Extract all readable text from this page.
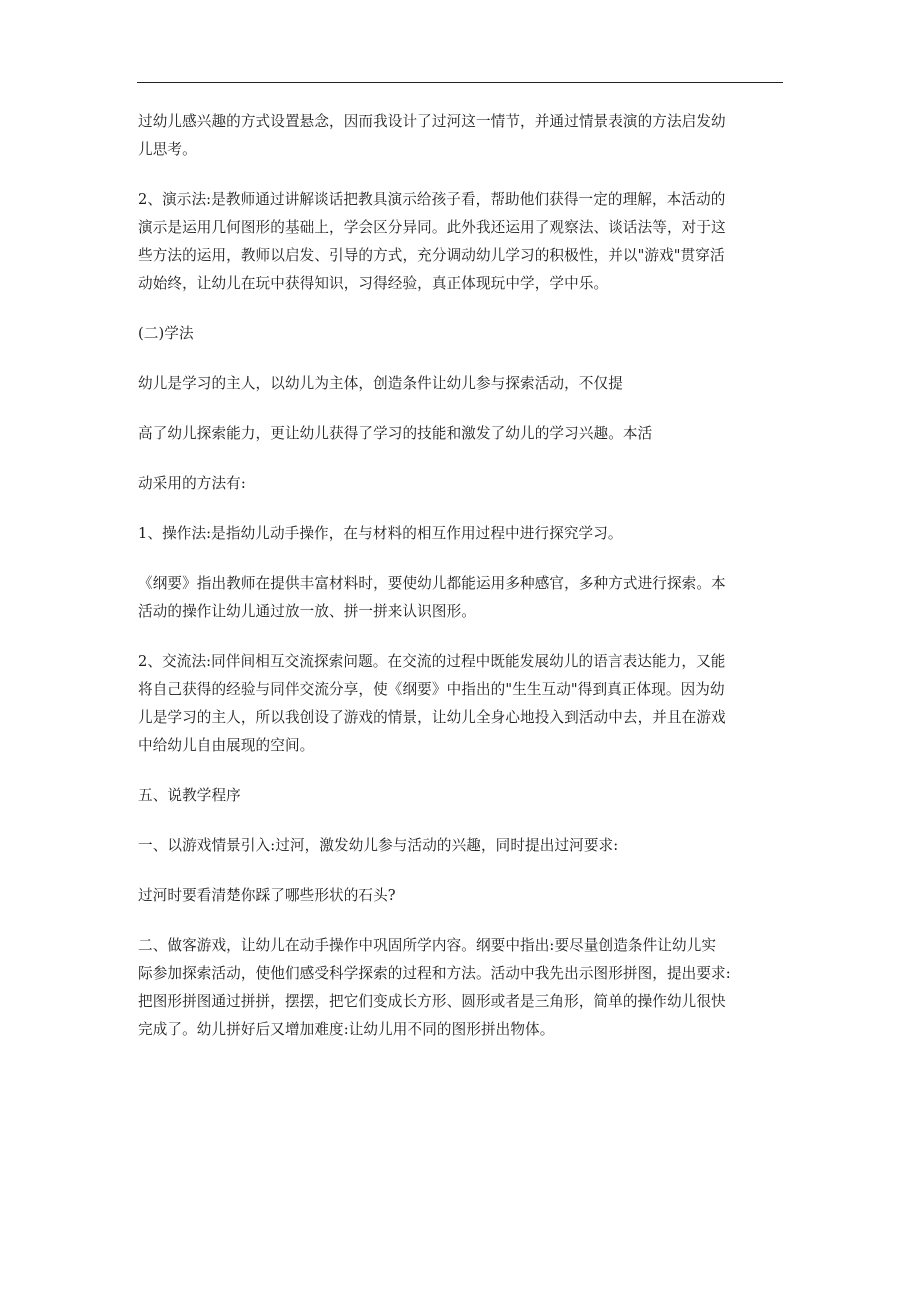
过幼儿感兴趣的方式设置悬念，因而我设计了过河这一情节，并通过情景表演的方法启发幼
儿思考。

2、演示法:是教师通过讲解谈话把教具演示给孩子看，帮助他们获得一定的理解，本活动的
演示是运用几何图形的基础上，学会区分异同。此外我还运用了观察法、谈话法等，对于这
些方法的运用，教师以启发、引导的方式，充分调动幼儿学习的积极性，并以"游戏"贯穿活
动始终，让幼儿在玩中获得知识，习得经验，真正体现玩中学，学中乐。

(二)学法

幼儿是学习的主人，以幼儿为主体，创造条件让幼儿参与探索活动，不仅提

高了幼儿探索能力，更让幼儿获得了学习的技能和激发了幼儿的学习兴趣。本活

动采用的方法有:

1、操作法:是指幼儿动手操作，在与材料的相互作用过程中进行探究学习。

《纲要》指出教师在提供丰富材料时，要使幼儿都能运用多种感官，多种方式进行探索。本
活动的操作让幼儿通过放一放、拼一拼来认识图形。

2、交流法:同伴间相互交流探索问题。在交流的过程中既能发展幼儿的语言表达能力，又能
将自己获得的经验与同伴交流分享，使《纲要》中指出的"生生互动"得到真正体现。因为幼
儿是学习的主人，所以我创设了游戏的情景，让幼儿全身心地投入到活动中去，并且在游戏
中给幼儿自由展现的空间。

五、说教学程序

一、以游戏情景引入:过河，激发幼儿参与活动的兴趣，同时提出过河要求:

过河时要看清楚你踩了哪些形状的石头?

二、做客游戏，让幼儿在动手操作中巩固所学内容。纲要中指出:要尽量创造条件让幼儿实
际参加探索活动，使他们感受科学探索的过程和方法。活动中我先出示图形拼图，提出要求:
把图形拼图通过拼拼，摆摆，把它们变成长方形、圆形或者是三角形，简单的操作幼儿很快
完成了。幼儿拼好后又增加难度:让幼儿用不同的图形拼出物体。
